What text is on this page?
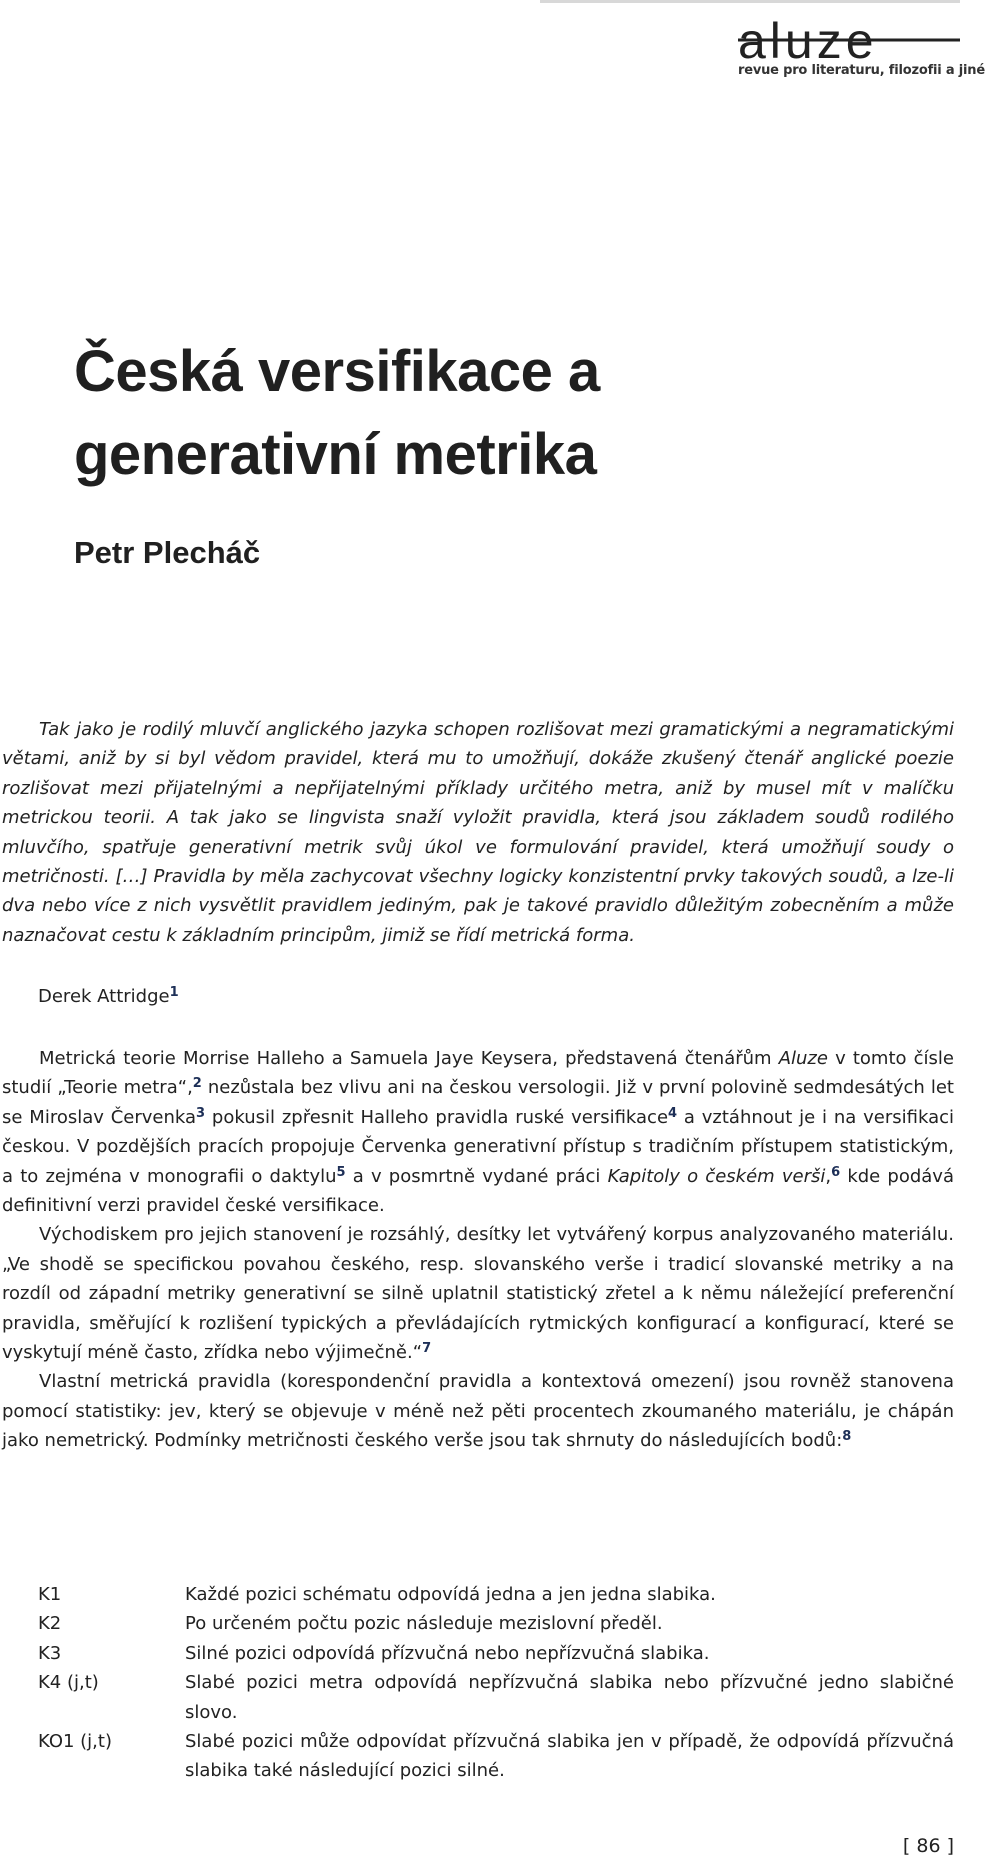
aluze
revue pro literaturu, filozofii a jiné
Česká versifikace a generativní metrika
Petr Plecháč

Tak jako je rodilý mluvčí anglického jazyka schopen rozlišovat mezi gramatickými a negramatickými větami, aniž by si byl vědom pravidel, která mu to umožňují, dokáže zkušený čtenář anglické poezie rozlišovat mezi přijatelnými a nepřijatelnými příklady určitého metra, aniž by musel mít v malíčku metrickou teorii. A tak jako se lingvista snaží vyložit pravidla, která jsou základem soudů rodilého mluvčího, spatřuje generativní metrik svůj úkol ve formulování pravidel, která umožňují soudy o metričnosti. […] Pravidla by měla zachycovat všechny logicky konzistentní prvky takových soudů, a lze-li dva nebo více z nich vysvětlit pravidlem jediným, pak je takové pravidlo důležitým zobecněním a může naznačovat cestu k základním principům, jimiž se řídí metrická forma.

Derek Attridge$^1$

Metrická teorie Morrise Halleho a Samuela Jaye Keysera, představená čtenářům Aluze v tomto čísle studií „Teorie metra“,$^2$ nezůstala bez vlivu ani na českou versologii. Již v první polovině sedmdesátých let se Miroslav Červenka$^3$ pokusil zpřesnit Halleho pravidla ruské versifikace$^4$ a vztáhnout je i na versifikaci českou. V pozdějších pracích propojuje Červenka generativní přístup s tradičním přístupem statistickým, a to zejména v monografii o daktylu$^5$ a v posmrtně vydané práci Kapitoly o českém verši,$^6$ kde podává definitivní verzi pravidel české versifikace.

Východiskem pro jejich stanovení je rozsáhlý, desítky let vytvářený korpus analyzovaného materiálu. „Ve shodě se specifickou povahou českého, resp. slovanského verše i tradicí slovanské metriky a na rozdíl od západní metriky generativní se silně uplatnil statistický zřetel a k němu náležející preferenční pravidla, směřující k rozlišení typických a převládajících rytmických konfigurací a konfigurací, které se vyskytují méně často, zřídka nebo výjimečně.“$^7$

Vlastní metrická pravidla (korespondenční pravidla a kontextová omezení) jsou rovněž stanovena pomocí statistiky: jev, který se objevuje v méně než pěti procentech zkoumaného materiálu, je chápán jako nemetrický. Podmínky metričnosti českého verše jsou tak shrnuty do následujících bodů:$^8$

K1	Každé pozici schématu odpovídá jedna a jen jedna slabika.
K2	Po určeném počtu pozic následuje mezislovní předěl.
K3	Silné pozici odpovídá přízvučná nebo nepřízvučná slabika.
K4 (j,t)	Slabé pozici metra odpovídá nepřízvučná slabika nebo přízvučné jedno slabičné slovo.
KO1 (j,t)	Slabé pozici může odpovídat přízvučná slabika jen v případě, že odpovídá přízvučná slabika také následující pozici silné.
[ 86 ]
